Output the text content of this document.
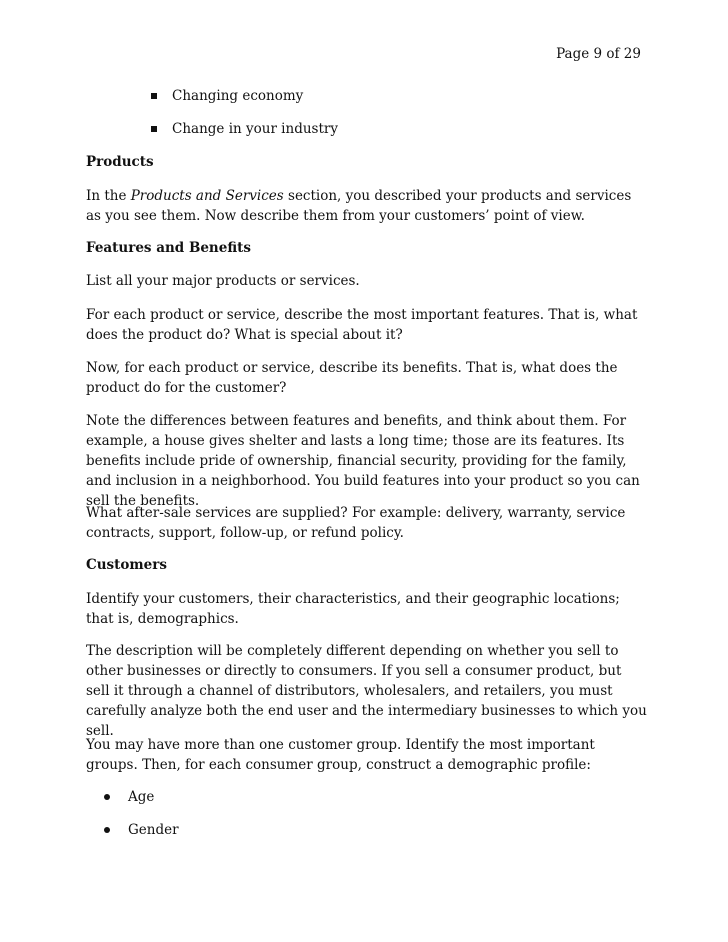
Page 9 of 29
Changing economy
Change in your industry

Products

In the Products and Services section, you described your products and services as you see them. Now describe them from your customers’ point of view.

Features and Benefits

List all your major products or services.

For each product or service, describe the most important features. That is, what does the product do? What is special about it?

Now, for each product or service, describe its benefits. That is, what does the product do for the customer?

Note the differences between features and benefits, and think about them. For example, a house gives shelter and lasts a long time; those are its features. Its benefits include pride of ownership, financial security, providing for the family, and inclusion in a neighborhood. You build features into your product so you can sell the benefits.

What after-sale services are supplied? For example: delivery, warranty, service contracts, support, follow-up, or refund policy.

Customers

Identify your customers, their characteristics, and their geographic locations; that is, demographics.

The description will be completely different depending on whether you sell to other businesses or directly to consumers. If you sell a consumer product, but sell it through a channel of distributors, wholesalers, and retailers, you must carefully analyze both the end user and the intermediary businesses to which you sell.

You may have more than one customer group. Identify the most important groups. Then, for each consumer group, construct a demographic profile:

Age
Gender
